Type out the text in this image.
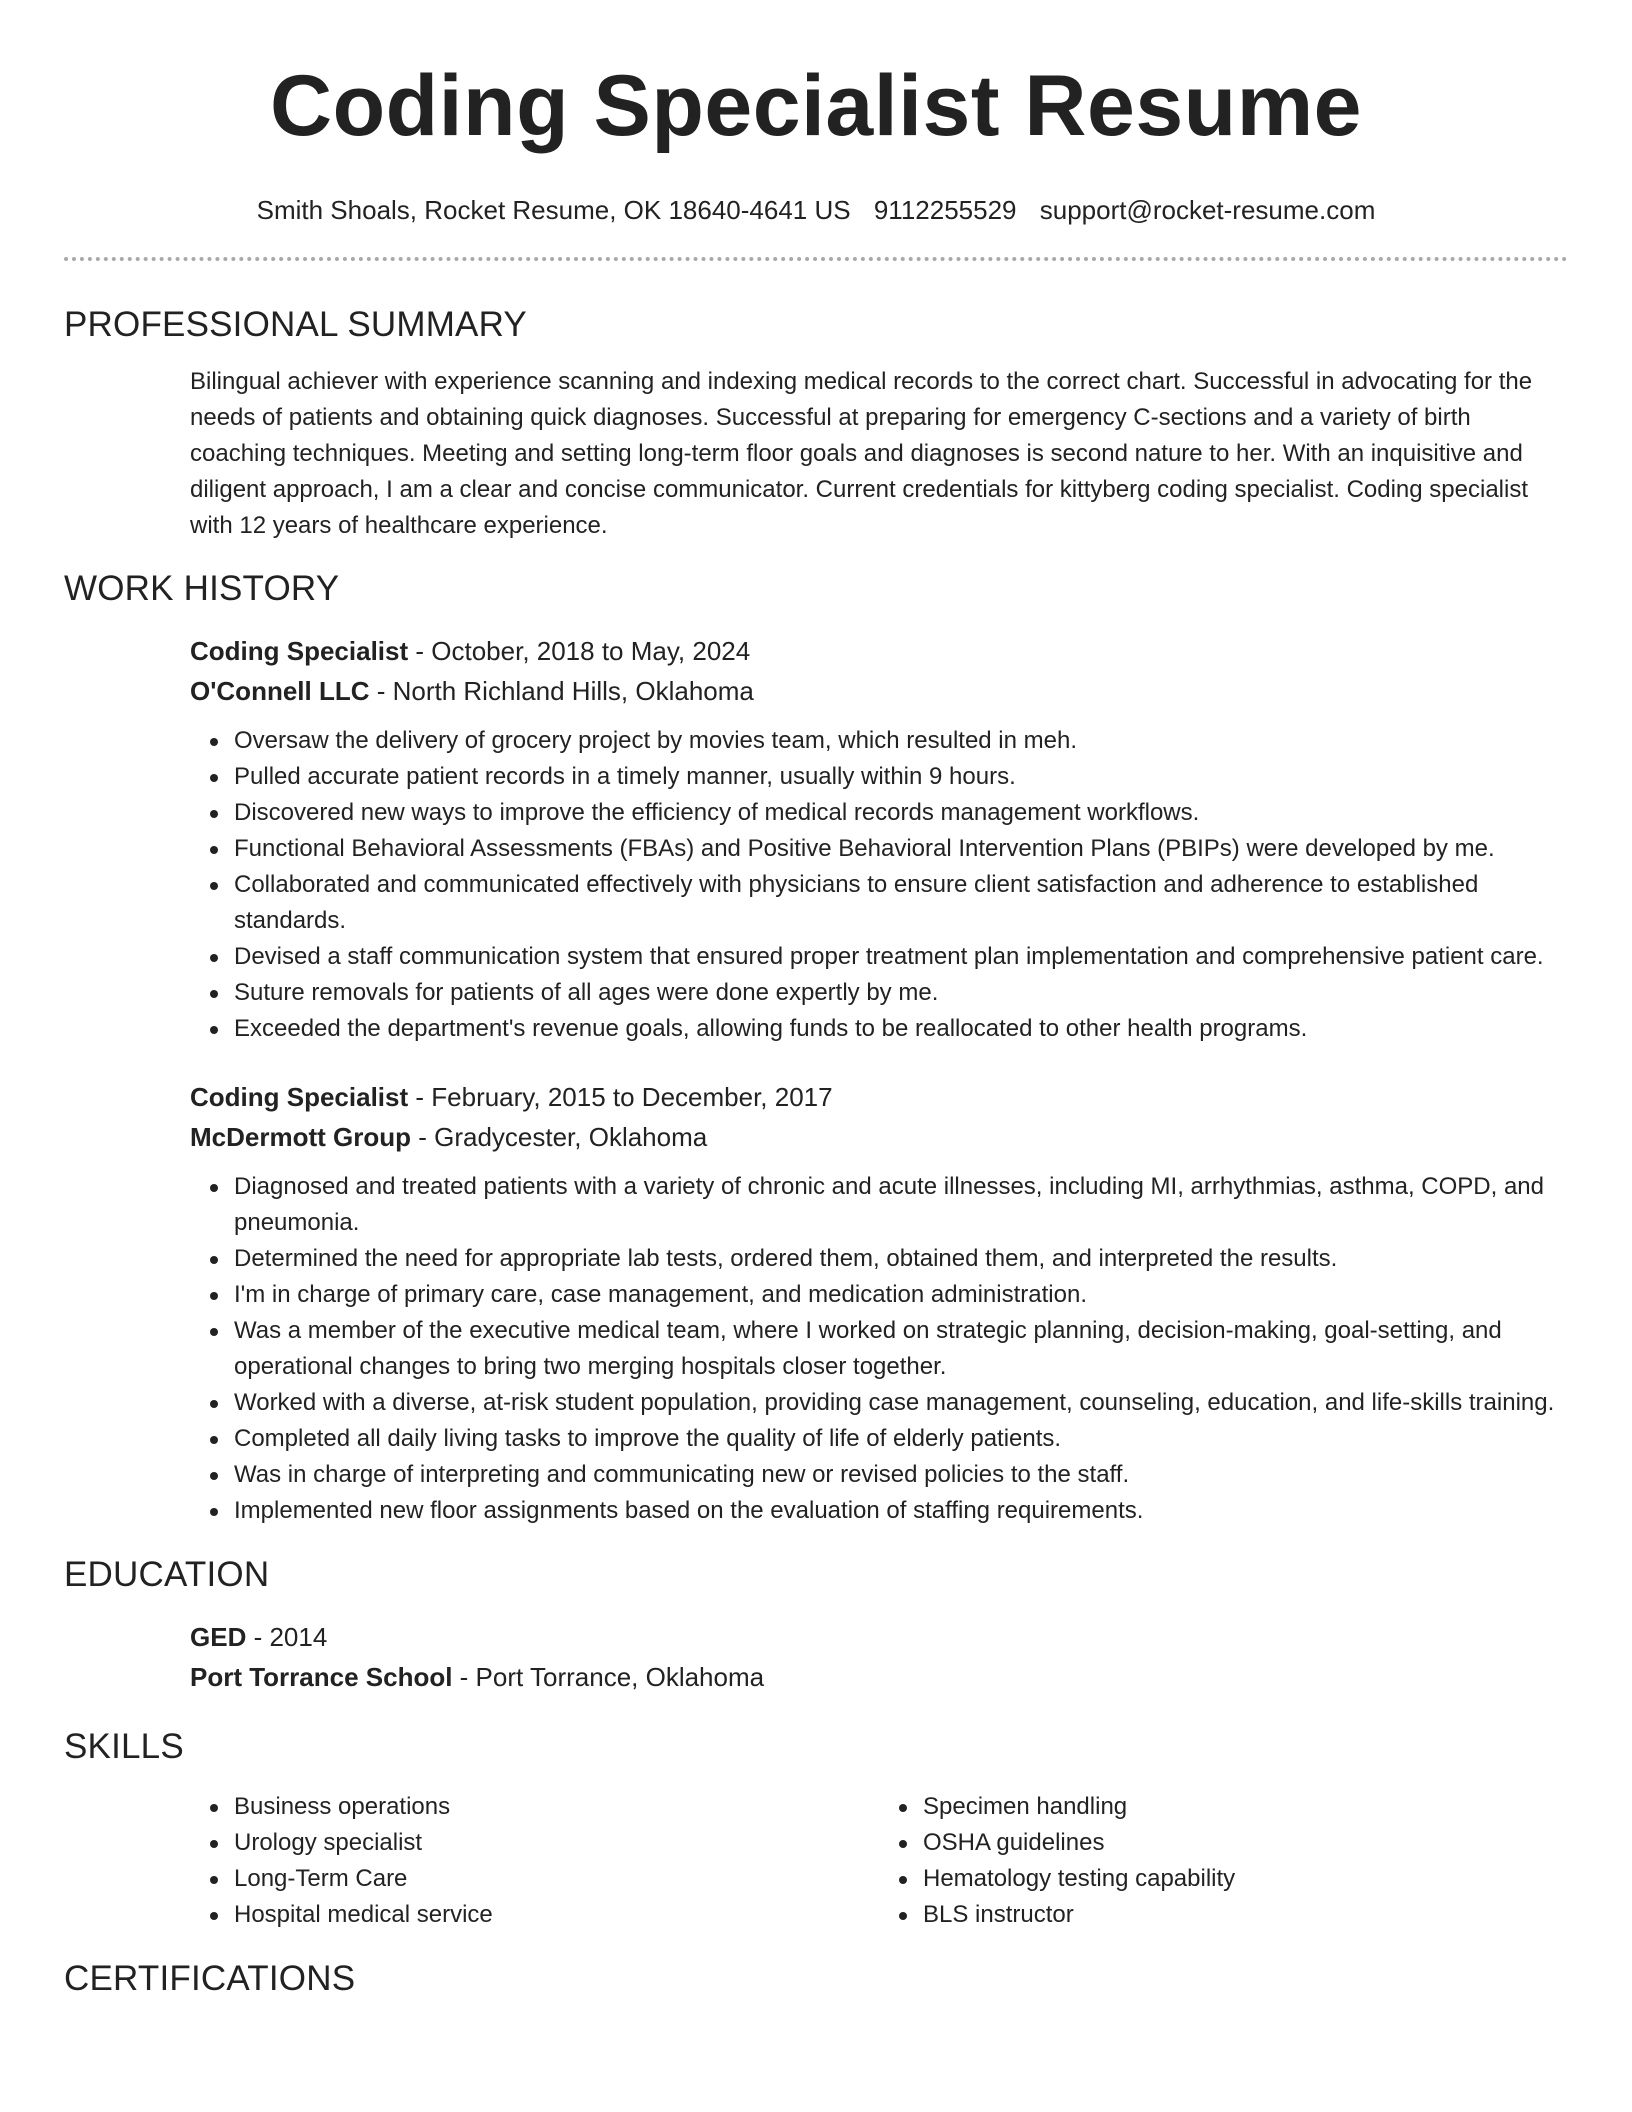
Coding Specialist Resume
Smith Shoals, Rocket Resume, OK 18640-4641 US 9112255529 support@rocket-resume.com
PROFESSIONAL SUMMARY

Bilingual achiever with experience scanning and indexing medical records to the correct chart. Successful in advocating for the needs of patients and obtaining quick diagnoses. Successful at preparing for emergency C-sections and a variety of birth coaching techniques. Meeting and setting long-term floor goals and diagnoses is second nature to her. With an inquisitive and diligent approach, I am a clear and concise communicator. Current credentials for kittyberg coding specialist. Coding specialist with 12 years of healthcare experience.

WORK HISTORY
Coding Specialist - October, 2018 to May, 2024
O'Connell LLC - North Richland Hills, Oklahoma
Oversaw the delivery of grocery project by movies team, which resulted in meh.
Pulled accurate patient records in a timely manner, usually within 9 hours.
Discovered new ways to improve the efficiency of medical records management workflows.
Functional Behavioral Assessments (FBAs) and Positive Behavioral Intervention Plans (PBIPs) were developed by me.
Collaborated and communicated effectively with physicians to ensure client satisfaction and adherence to established standards.
Devised a staff communication system that ensured proper treatment plan implementation and comprehensive patient care.
Suture removals for patients of all ages were done expertly by me.
Exceeded the department's revenue goals, allowing funds to be reallocated to other health programs.
Coding Specialist - February, 2015 to December, 2017
McDermott Group - Gradycester, Oklahoma
Diagnosed and treated patients with a variety of chronic and acute illnesses, including MI, arrhythmias, asthma, COPD, and pneumonia.
Determined the need for appropriate lab tests, ordered them, obtained them, and interpreted the results.
I'm in charge of primary care, case management, and medication administration.
Was a member of the executive medical team, where I worked on strategic planning, decision-making, goal-setting, and operational changes to bring two merging hospitals closer together.
Worked with a diverse, at-risk student population, providing case management, counseling, education, and life-skills training.
Completed all daily living tasks to improve the quality of life of elderly patients.
Was in charge of interpreting and communicating new or revised policies to the staff.
Implemented new floor assignments based on the evaluation of staffing requirements.
EDUCATION
GED - 2014
Port Torrance School - Port Torrance, Oklahoma
SKILLS
Business operations
Urology specialist
Long-Term Care
Hospital medical service
Specimen handling
OSHA guidelines
Hematology testing capability
BLS instructor
CERTIFICATIONS
